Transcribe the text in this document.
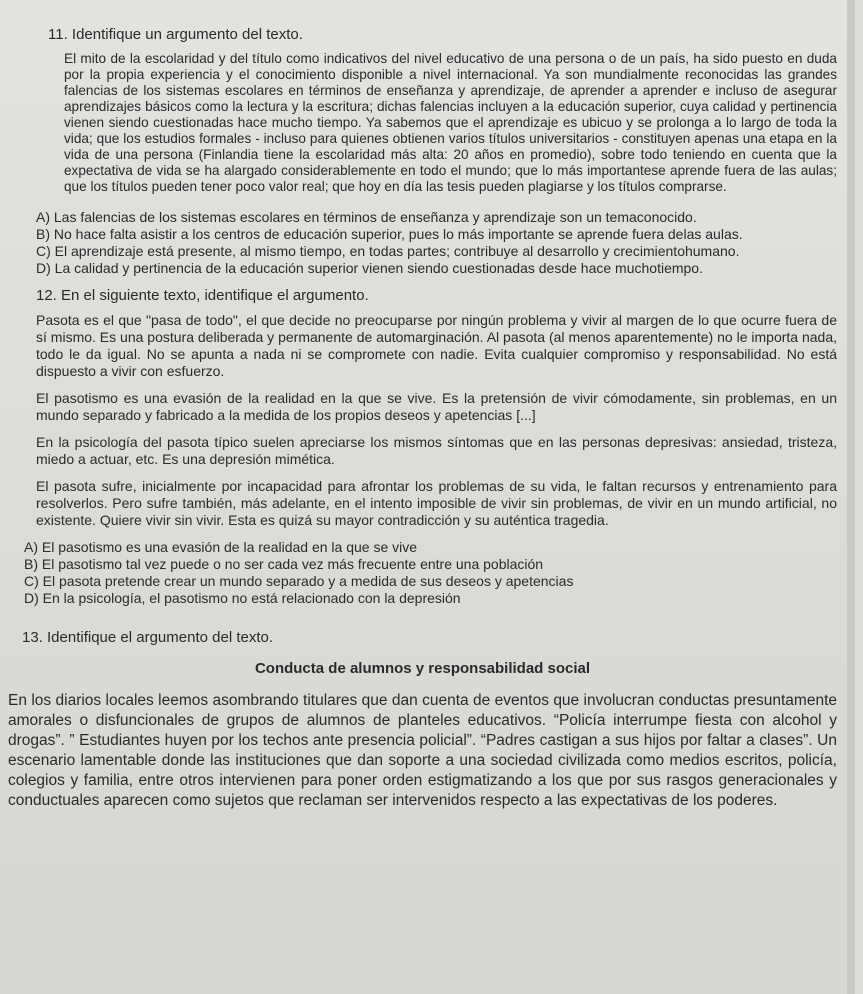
11. Identifique un argumento del texto.

El mito de la escolaridad y del título como indicativos del nivel educativo de una persona o de un país, ha sido puesto en duda por la propia experiencia y el conocimiento disponible a nivel internacional. Ya son mundialmente reconocidas las grandes falencias de los sistemas escolares en términos de enseñanza y aprendizaje, de aprender a aprender e incluso de asegurar aprendizajes básicos como la lectura y la escritura; dichas falencias incluyen a la educación superior, cuya calidad y pertinencia vienen siendo cuestionadas hace mucho tiempo. Ya sabemos que el aprendizaje es ubicuo y se prolonga a lo largo de toda la vida; que los estudios formales - incluso para quienes obtienen varios títulos universitarios - constituyen apenas una etapa en la vida de una persona (Finlandia tiene la escolaridad más alta: 20 años en promedio), sobre todo teniendo en cuenta que la expectativa de vida se ha alargado considerablemente en todo el mundo; que lo más importantese aprende fuera de las aulas; que los títulos pueden tener poco valor real; que hoy en día las tesis pueden plagiarse y los títulos comprarse.

A) Las falencias de los sistemas escolares en términos de enseñanza y aprendizaje son un temaconocido.

B) No hace falta asistir a los centros de educación superior, pues lo más importante se aprende fuera delas aulas.

C) El aprendizaje está presente, al mismo tiempo, en todas partes; contribuye al desarrollo y crecimientohumano.

D) La calidad y pertinencia de la educación superior vienen siendo cuestionadas desde hace muchotiempo.

12. En el siguiente texto, identifique el argumento.

Pasota es el que "pasa de todo", el que decide no preocuparse por ningún problema y vivir al margen de lo que ocurre fuera de sí mismo. Es una postura deliberada y permanente de automarginación. Al pasota (al menos aparentemente) no le importa nada, todo le da igual. No se apunta a nada ni se compromete con nadie. Evita cualquier compromiso y responsabilidad. No está dispuesto a vivir con esfuerzo.

El pasotismo es una evasión de la realidad en la que se vive. Es la pretensión de vivir cómodamente, sin problemas, en un mundo separado y fabricado a la medida de los propios deseos y apetencias [...]

En la psicología del pasota típico suelen apreciarse los mismos síntomas que en las personas depresivas: ansiedad, tristeza, miedo a actuar, etc. Es una depresión mimética.

El pasota sufre, inicialmente por incapacidad para afrontar los problemas de su vida, le faltan recursos y entrenamiento para resolverlos. Pero sufre también, más adelante, en el intento imposible de vivir sin problemas, de vivir en un mundo artificial, no existente. Quiere vivir sin vivir. Esta es quizá su mayor contradicción y su auténtica tragedia.

A) El pasotismo es una evasión de la realidad en la que se vive

B) El pasotismo tal vez puede o no ser cada vez más frecuente entre una población

C) El pasota pretende crear un mundo separado y a medida de sus deseos y apetencias

D) En la psicología, el pasotismo no está relacionado con la depresión

13. Identifique el argumento del texto.

Conducta de alumnos y responsabilidad social

En los diarios locales leemos asombrando titulares que dan cuenta de eventos que involucran conductas presuntamente amorales o disfuncionales de grupos de alumnos de planteles educativos. “Policía interrumpe fiesta con alcohol y drogas”. ” Estudiantes huyen por los techos ante presencia policial”. “Padres castigan a sus hijos por faltar a clases”. Un escenario lamentable donde las instituciones que dan soporte a una sociedad civilizada como medios escritos, policía, colegios y familia, entre otros intervienen para poner orden estigmatizando a los que por sus rasgos generacionales y conductuales aparecen como sujetos que reclaman ser intervenidos respecto a las expectativas de los poderes.
